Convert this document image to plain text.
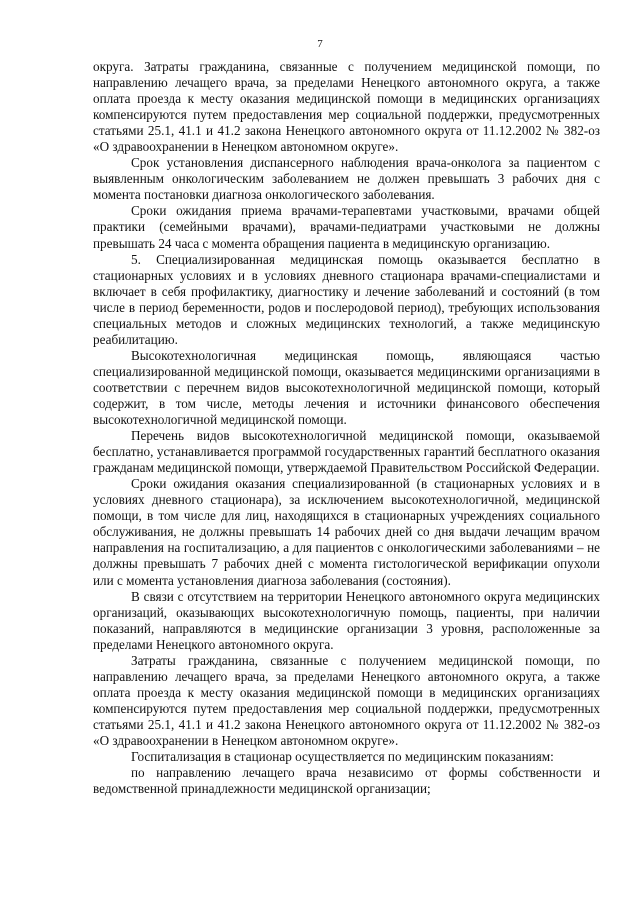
7

округа. Затраты гражданина, связанные с получением медицинской помощи, по направлению лечащего врача, за пределами Ненецкого автономного округа, а также оплата проезда к месту оказания медицинской помощи в медицинских организациях компенсируются путем предоставления мер социальной поддержки, предусмотренных статьями 25.1, 41.1 и 41.2 закона Ненецкого автономного округа от 11.12.2002 № 382-оз «О здравоохранении в Ненецком автономном округе».

Срок установления диспансерного наблюдения врача-онколога за пациентом с выявленным онкологическим заболеванием не должен превышать 3 рабочих дня с момента постановки диагноза онкологического заболевания.

Сроки ожидания приема врачами-терапевтами участковыми, врачами общей практики (семейными врачами), врачами-педиатрами участковыми не должны превышать 24 часа с момента обращения пациента в медицинскую организацию.

5. Специализированная медицинская помощь оказывается бесплатно в стационарных условиях и в условиях дневного стационара врачами-специалистами и включает в себя профилактику, диагностику и лечение заболеваний и состояний (в том числе в период беременности, родов и послеродовой период), требующих использования специальных методов и сложных медицинских технологий, а также медицинскую реабилитацию.

Высокотехнологичная медицинская помощь, являющаяся частью специализированной медицинской помощи, оказывается медицинскими организациями в соответствии с перечнем видов высокотехнологичной медицинской помощи, который содержит, в том числе, методы лечения и источники финансового обеспечения высокотехнологичной медицинской помощи.

Перечень видов высокотехнологичной медицинской помощи, оказываемой бесплатно, устанавливается программой государственных гарантий бесплатного оказания гражданам медицинской помощи, утверждаемой Правительством Российской Федерации.

Сроки ожидания оказания специализированной (в стационарных условиях и в условиях дневного стационара), за исключением высокотехнологичной, медицинской помощи, в том числе для лиц, находящихся в стационарных учреждениях социального обслуживания, не должны превышать 14 рабочих дней со дня выдачи лечащим врачом направления на госпитализацию, а для пациентов с онкологическими заболеваниями – не должны превышать 7 рабочих дней с момента гистологической верификации опухоли или с момента установления диагноза заболевания (состояния).

В связи с отсутствием на территории Ненецкого автономного округа медицинских организаций, оказывающих высокотехнологичную помощь, пациенты, при наличии показаний, направляются в медицинские организации 3 уровня, расположенные за пределами Ненецкого автономного округа.

Затраты гражданина, связанные с получением медицинской помощи, по направлению лечащего врача, за пределами Ненецкого автономного округа, а также оплата проезда к месту оказания медицинской помощи в медицинских организациях компенсируются путем предоставления мер социальной поддержки, предусмотренных статьями 25.1, 41.1 и 41.2 закона Ненецкого автономного округа от 11.12.2002 № 382-оз «О здравоохранении в Ненецком автономном округе».

Госпитализация в стационар осуществляется по медицинским показаниям:

по направлению лечащего врача независимо от формы собственности и ведомственной принадлежности медицинской организации;
